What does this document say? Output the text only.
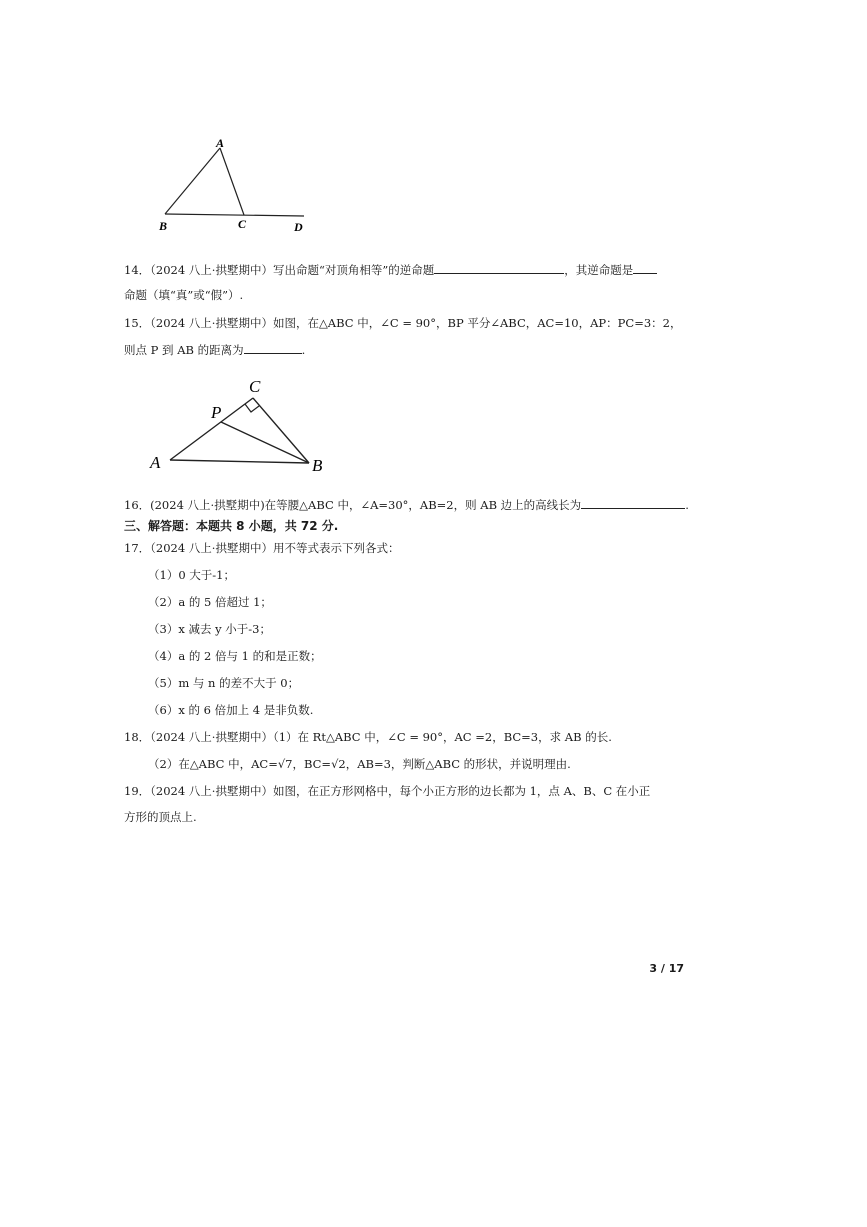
A
B	C	D
14．（2024 八上·拱墅期中）写出命题“对顶角相等”的逆命题	，其逆命题是
命题（填“真”或“假”）.
15．（2024 八上·拱墅期中）如图，在△ABC 中，∠C = 90°，BP 平分∠ABC，AC=10，AP：PC=3：2，
则点 P 到 AB 的距离为	.
C
P
A	B
16．(2024 八上·拱墅期中)在等腰△ABC 中，∠A=30°，AB=2，则 AB 边上的高线长为	.
三、解答题：本题共 8 小题，共 72 分.
17．（2024 八上·拱墅期中）用不等式表示下列各式：
（1）0 大于-1；
（2）a 的 5 倍超过 1；
（3）x 减去 y 小于-3；
（4）a 的 2 倍与 1 的和是正数；
（5）m 与 n 的差不大于 0；
（6）x 的 6 倍加上 4 是非负数.
18．（2024 八上·拱墅期中）（1）在 Rt△ABC 中，∠C = 90°，AC =2，BC=3，求 AB 的长.
（2）在△ABC 中，AC=√7，BC=√2，AB=3，判断△ABC 的形状，并说明理由.
19．（2024 八上·拱墅期中）如图，在正方形网格中，每个小正方形的边长都为 1，点 A、B、C 在小正
方形的顶点上.
3 / 17
